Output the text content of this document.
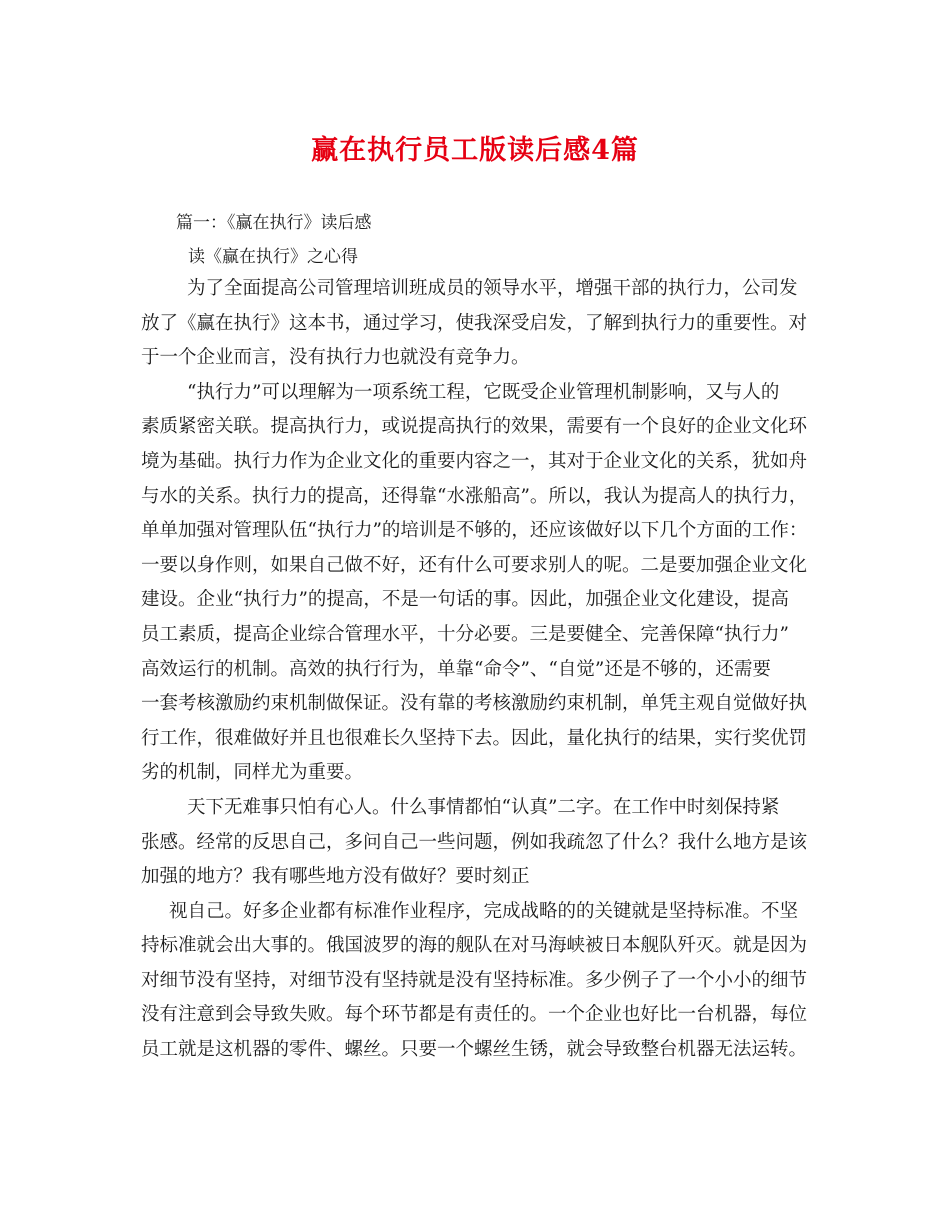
赢在执行员工版读后感4篇
篇一：《赢在执行》读后感
读《赢在执行》之心得
为了全面提高公司管理培训班成员的领导水平，增强干部的执行力，公司发
放了《赢在执行》这本书，通过学习，使我深受启发，了解到执行力的重要性。对
于一个企业而言，没有执行力也就没有竞争力。
“执行力”可以理解为一项系统工程，它既受企业管理机制影响，又与人的
素质紧密关联。提高执行力，或说提高执行的效果，需要有一个良好的企业文化环
境为基础。执行力作为企业文化的重要内容之一，其对于企业文化的关系，犹如舟
与水的关系。执行力的提高，还得靠“水涨船高”。所以，我认为提高人的执行力，
单单加强对管理队伍“执行力”的培训是不够的，还应该做好以下几个方面的工作：
一要以身作则，如果自己做不好，还有什么可要求别人的呢。二是要加强企业文化
建设。企业“执行力”的提高，不是一句话的事。因此，加强企业文化建设，提高
员工素质，提高企业综合管理水平，十分必要。三是要健全、完善保障“执行力”
高效运行的机制。高效的执行行为，单靠“命令”、“自觉”还是不够的，还需要
一套考核激励约束机制做保证。没有靠的考核激励约束机制，单凭主观自觉做好执
行工作，很难做好并且也很难长久坚持下去。因此，量化执行的结果，实行奖优罚
劣的机制，同样尤为重要。
天下无难事只怕有心人。什么事情都怕“认真”二字。在工作中时刻保持紧
张感。经常的反思自己，多问自己一些问题，例如我疏忽了什么？我什么地方是该
加强的地方？我有哪些地方没有做好？要时刻正
视自己。好多企业都有标准作业程序，完成战略的的关键就是坚持标准。不坚
持标准就会出大事的。俄国波罗的海的舰队在对马海峡被日本舰队歼灭。就是因为
对细节没有坚持，对细节没有坚持就是没有坚持标准。多少例子了一个小小的细节
没有注意到会导致失败。每个环节都是有责任的。一个企业也好比一台机器，每位
员工就是这机器的零件、螺丝。只要一个螺丝生锈，就会导致整台机器无法运转。
